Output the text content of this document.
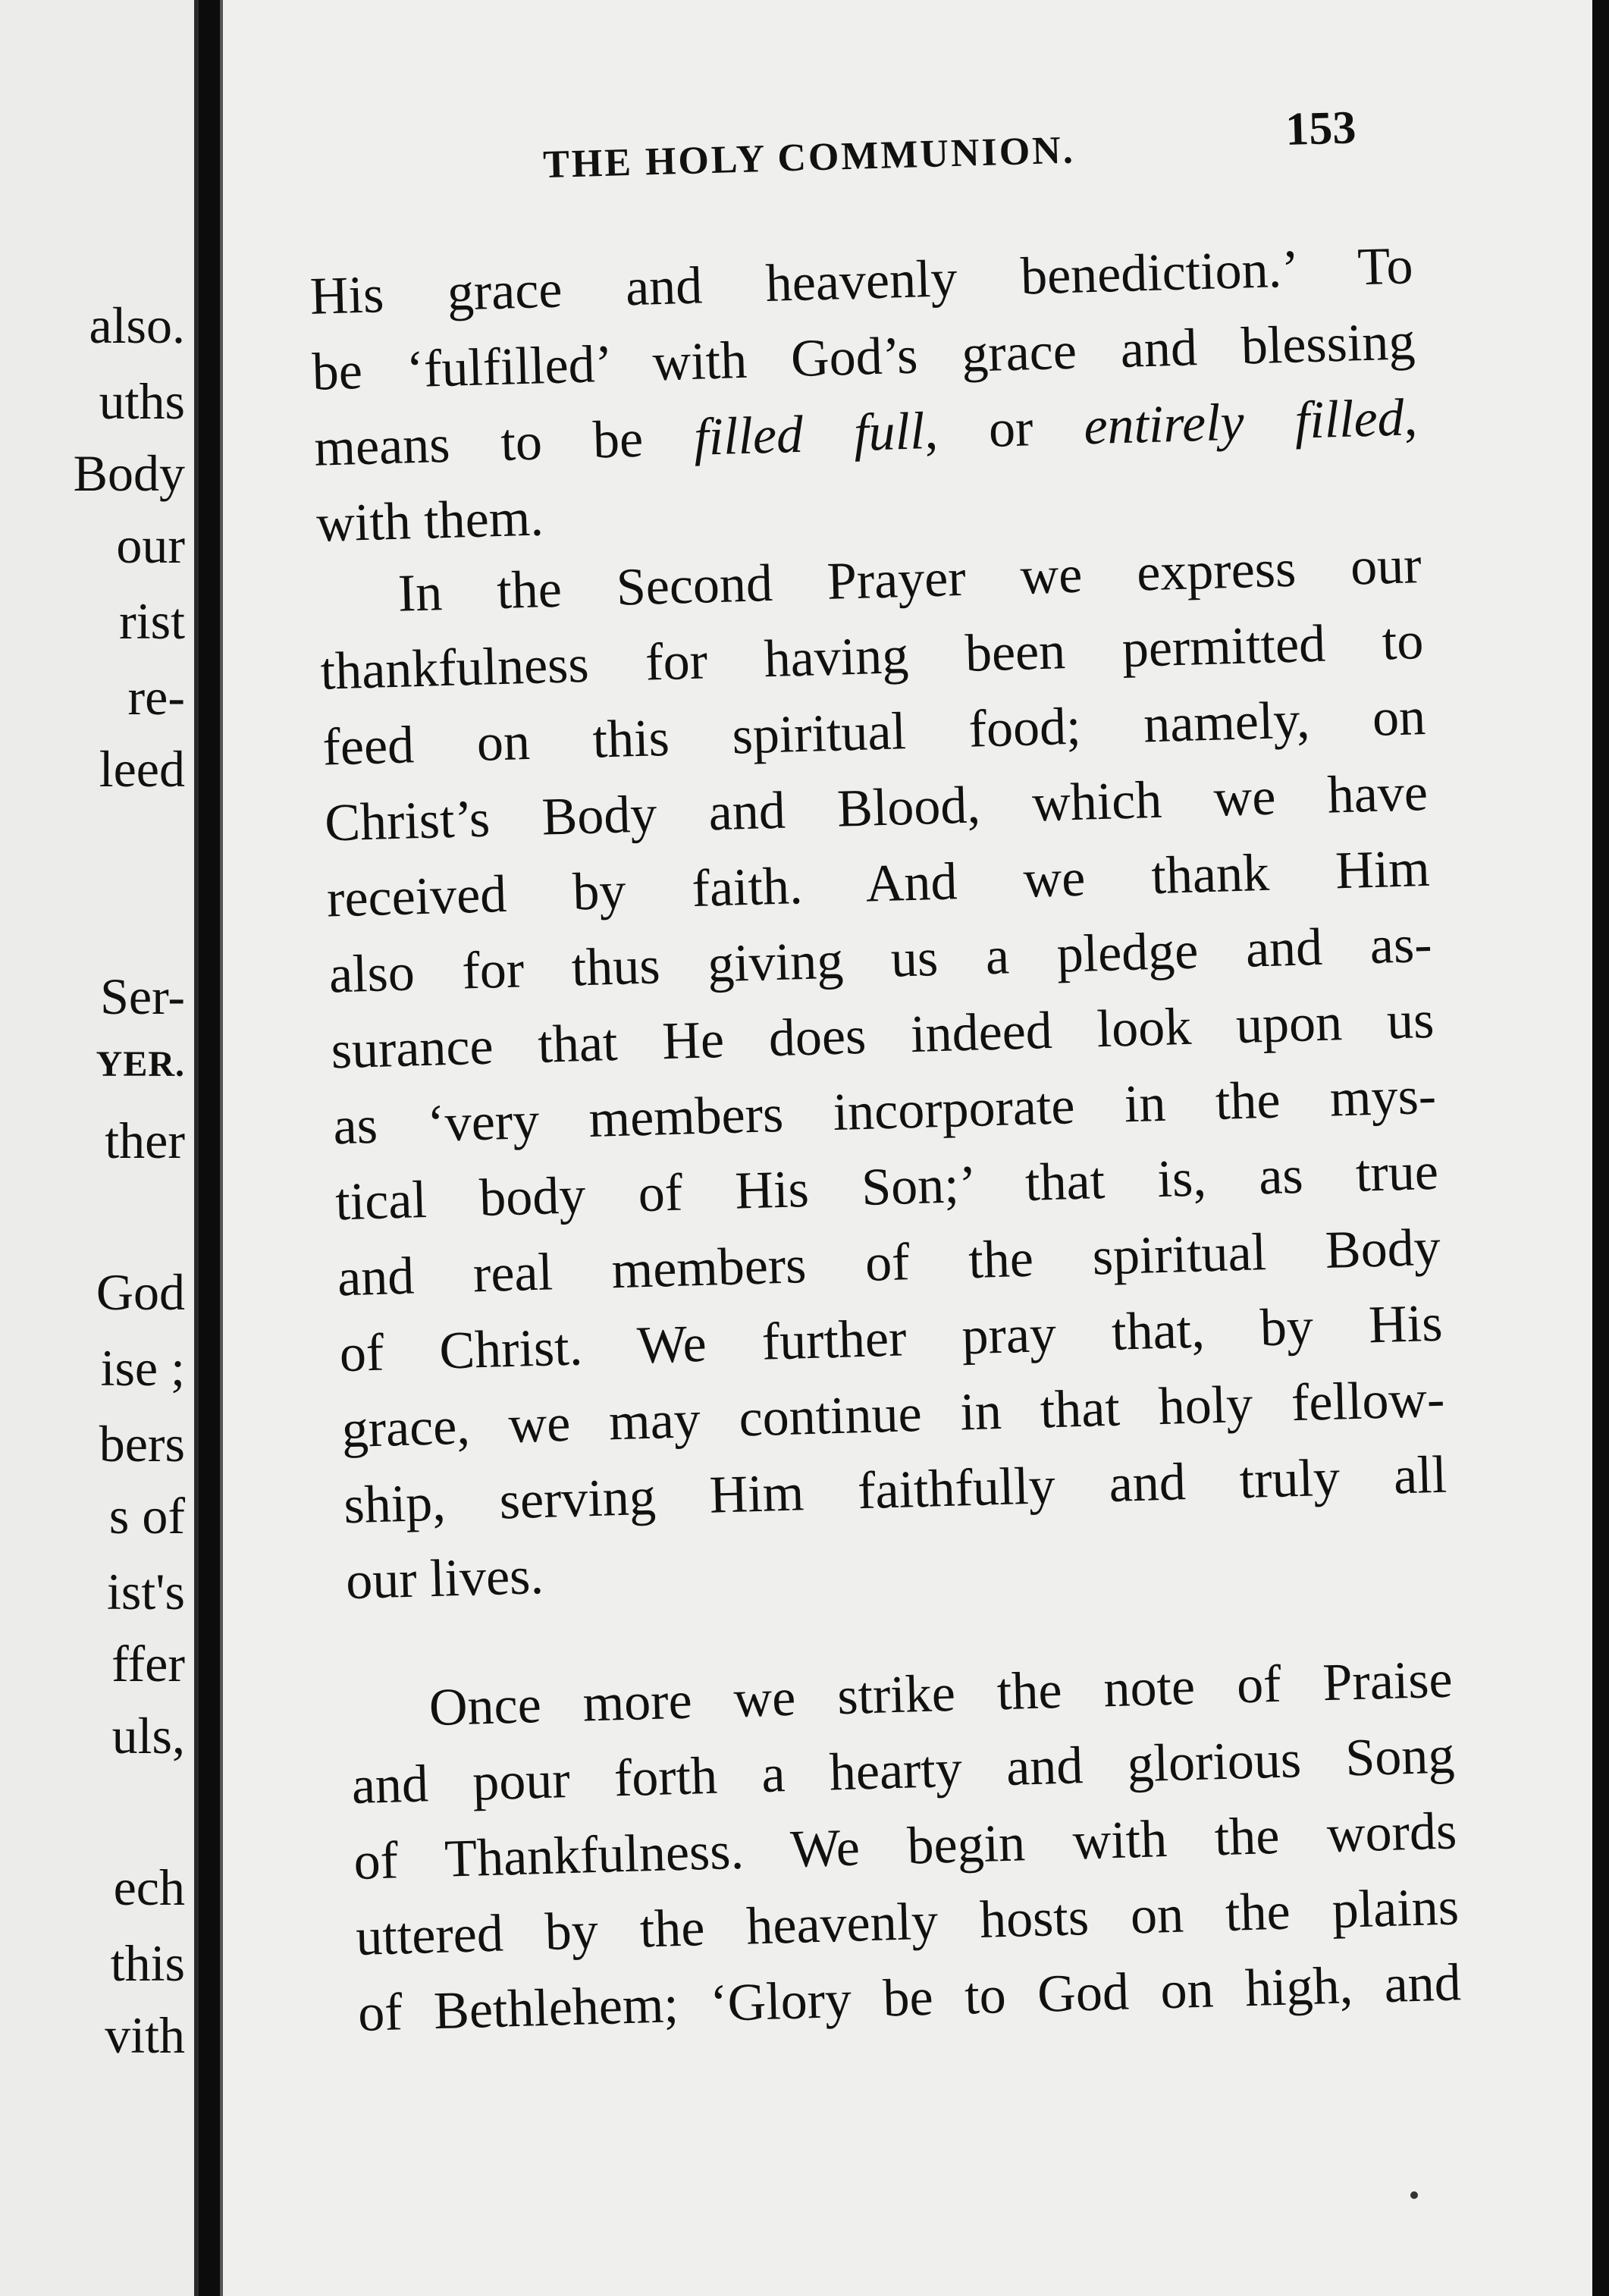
also.
uths
Body
our
rist
re-
leed
Ser-
YER.
ther
God
ise ;
bers
s of
ist's
ffer
uls,
ech
this
vith
THE HOLY COMMUNION.
153
His grace and heavenly benediction.’ To
be ‘fulfilled’ with God’s grace and blessing
means to be filled full, or entirely filled,
with them.
In the Second Prayer we express our
thankfulness for having been permitted to
feed on this spiritual food; namely, on
Christ’s Body and Blood, which we have
received by faith. And we thank Him
also for thus giving us a pledge and as-
surance that He does indeed look upon us
as ‘very members incorporate in the mys-
tical body of His Son;’ that is, as true
and real members of the spiritual Body
of Christ. We further pray that, by His
grace, we may continue in that holy fellow-
ship, serving Him faithfully and truly all
our lives.
Once more we strike the note of Praise
and pour forth a hearty and glorious Song
of Thankfulness. We begin with the words
uttered by the heavenly hosts on the plains
of Bethlehem; ‘Glory be to God on high, and
